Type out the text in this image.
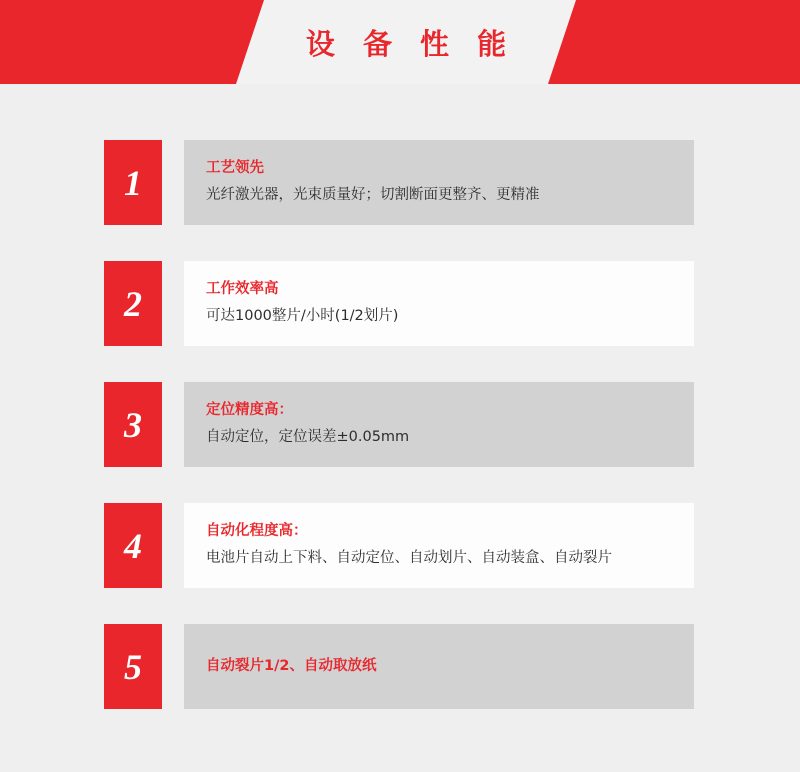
设 备 性 能
1	工艺领先
光纤激光器，光束质量好；切割断面更整齐、更精准
2	工作效率高
可达1000整片/小时(1/2划片)
3	定位精度高：
自动定位，定位误差±0.05mm
4	自动化程度高：
电池片自动上下料、自动定位、自动划片、自动装盒、自动裂片
5	自动裂片1/2、自动取放纸
